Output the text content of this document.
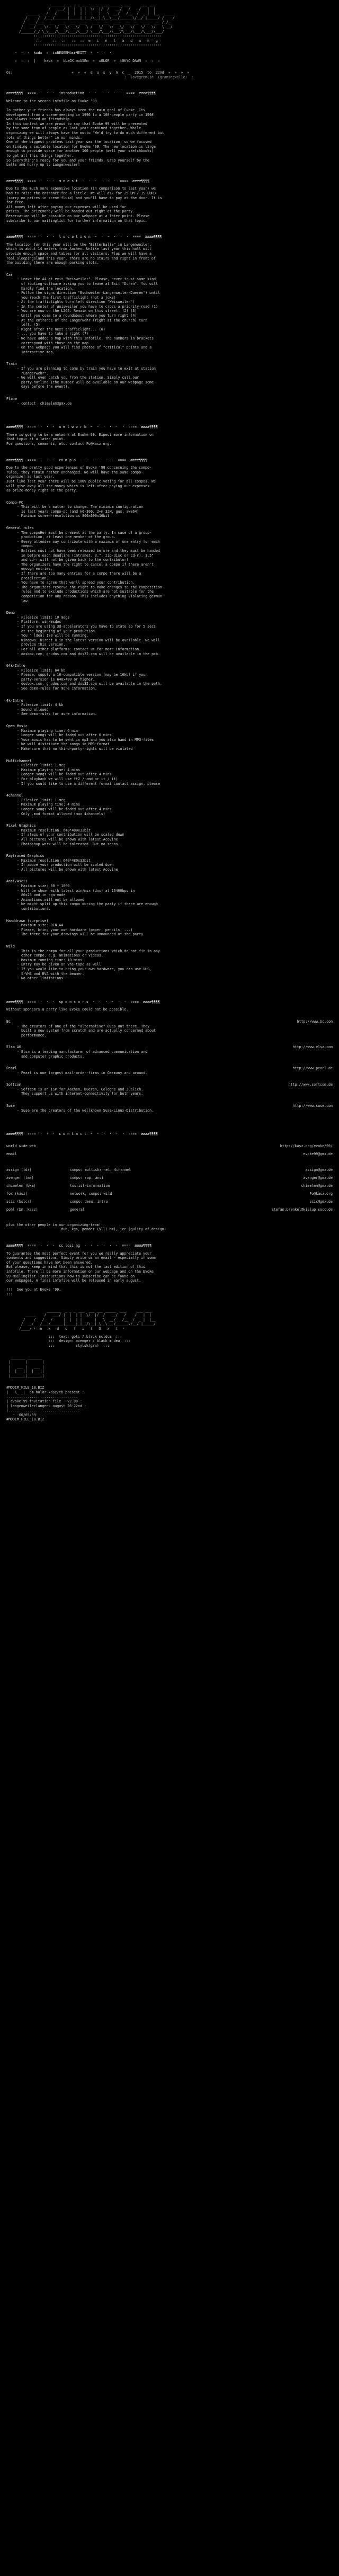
_______  _ _ _ ___  ___ ___ _____  ___     ___ ___
/   ___/ |  |  | |  \/  |/  /   __/   /    /   |  |
______   /   /     |  |  | |      |   \  __/   /__  /  _ |  |__  _____
/     /  /___/______|_____|_|__/\__|_\__\___/______\/__/ |_____/ /    /
/  ___/___  ___  ___  ___  ___   ___  ___  ___  ___ ___  ___  ___ / /__
/   __/  _ \/   \/   \/  _\/   \ /   \/   \/  _\/   \/   \/   \/   \ __/
/______/_/ \_\___/\___/\___/\___/ \___/\___/\___/\___/\___/\___/\___/
:::::::::::::::::::::::::::::::::::::::::::::::::::::::::::::
::      ::  ::   ::  ::  e   i   n   l   a   d   u   n   g
:::::::::::::::::::::::::::::::::::::::::::::::::::::::::::::
·  ·  ·  kxdx  »  ixBEGEEMüsrMEITT  ·  ·  ·  ·
:  :  :  |    kxdx  »  bLaCK moUSEm  »  xOLOR  »  tOKYO DAWN  :  :  :
Os:                            «  «  «  e  u  s  y  n  c  _  2015  to  22nd  »  »  »  »
:  lovegremlin  (gramingwelle)  :
ææææ¶¶¶¶  ¤¤¤¤  ·  ·  ·  introduction  ·  ·  ·  ·  ·  ·  ¤¤¤¤  ææææ¶¶¶¶
Welcome to the second infofile on Evoke '99.

To gather your friends has always been the main goal of Evoke. Its
development from a scene-meeting in 1996 to a 100-people party in 1998
was always based on friendship.
In this context we are proud to say that Evoke 99 will be presented
by the same team of people as last year combined together. While
organizing we will always have the motto "We'd try to do much different but
lots of things better" in our minds.
One of the biggest problems last year was the location, so we focused
on finding a suitable location for Evoke '99. The new location is large
enough to provide space for another 100 people (well your sketchbooks)
to get all this things together.
So everything's ready for you and your friends. Grab yourself by the
balls and hurry up to Langenweiler!
ææææ¶¶¶¶  ¤¤¤¤  ·  ·  ·  m o e s t  ·  ·  ·  ·  ·  ·  ¤¤¤¤  ææææ¶¶¶¶
Due to the much more expensive location (in comparison to last year) we
had to raise the entrance fee a little. We will ask for 25 DM / 15 EURO
(sorry no prices in scene-fluid) and you'll have to pay at the door. It is
for free.
All money left after paying our expenses will be used for
prizes. The prizemoney will be handed out right at the party.
Reservation will be possible on our webpage at a later point. Please
subscribe to our mailinglist for further information on that topic.
ææææ¶¶¶¶  ¤¤¤¤  ·  ·  ·  l o c a t i o n  ·  ·  ·  ·  ·  ·  ¤¤¤¤  ææææ¶¶¶¶
The location for this year will be the "Bitterhalle" in Langenweiler,
which is about 14 meters from Aachen. Unlike last year this hall will
provide enough space and tables for all visitors. Plus we will have a
real sleepingsland this year. There are no stairs and right in front of
the building there are enough parking slots.
Car
- Leave the A4 at exit "Weisweiler". Please, never trust some kind
of routing-software asking you to leave at Exit "Düren". You will
hardly find the location.
- Follow the signs direction "Eschweiler-Langenweiler-Dueren") until
you reach the first trafficlight (not a joke)
- At the trafficlights turn left direction "Weisweiler")
- In the center of Weisweiler you have to cross a priority-road (1)
- You are now on the L264. Remain on this street. (2) (3)
- Until you come to a roundabout where you turn right (4)
- At the entrance of the Langerwehr (right at the church) turn
left. (5)
- Right after the next trafficlight... (6)
- ... you have to take a right (7)
- We have added a map with this infofile. The numbers in brackets
correspond with those on the map.
- On the webpage you will find photos of "critical" points and a
interactive map.
Train
- If you are planning to come by train you have to exit at station
"Langerwehr".
- We will even catch you from the station. Simply call our
party-hotline (the number will be available on our webpage some
days before the event).
Plane
- contact  chimelem@gmx.de
ææææ¶¶¶¶  ¤¤¤¤  ·  ·  ·  n e t w o r k  ·  ·  ·  ·  ·  ·  ¤¤¤¤  ææææ¶¶¶¶
There is going to be a network at Evoke 99. Expect more information on
that topic at a later point.
For questions, comments, etc. contact Fo@kasz.org.
ææææ¶¶¶¶  ¤¤¤¤  ·  ·  ·  co m p o  ·  ·  ·  ·  ·  ·  ¤¤¤¤  ææææ¶¶¶¶
Due to the pretty good experiences of Evoke '98 concerning the compo-
rules, they remain rather unchanged. We will have the same compo-
organizer as last year.
Just like last year there will be 100% public voting for all compos. We
will give away all the money which is left after paying our expenses
as prize-money right at the party.
Compo-PC
- This will be a matter to change. The minimum configuration
is last years compo-pc (amd k6-300, 2+m 32M, gus, awe64)
- Minimum screen-resolution is 800x600x16bit
General rules
- The compoHer must be present at the party. In case of a group-
production, at least one member of the group.
- Every attendee may contribute with a maximum of one entry for each
compo.
- Entries must not have been released before and they must be handed
in before each deadline (intranet, 3.", zip-disc or cd-r). 3.5"
and cd-r will not be given back to the contributor!
- The organizers have the right to cancel a compo if there aren't
enough entries.
- If there are too many entries for a compo there will be a
preselection.
- You have to agree that we'll spread your contribution.
- The organizers reserve the right to make changes to the competition
rules and to exclude productions which are not suitable for the
competition for any reason. This includes anything violating german
law.
Demo
- Filesize limit: 10 megs
- Platform: win/msdos
- If you are using 3d-accelerators you have to state so for 5 secs
at the beginning of your production.
- You ' ldeal 100 will be running.
- Windows: Direct X in the latest version will be available. we will
provide this version.
- For all other platforms: contact us for more information.
- dosbox.com, gnudos.com and dos32.com will be available in the pcb.
64k-Intro
- Filesize limit: 64 kb
- Please, supply a 16-compatible version (may be 16kb) if your
party-version is 640x480 or higher.
- dosbox.com, gnudos.com and dos32.com will be available in the path.
- See demo-rules for more information.
4k-Intro
- Filesize limit: 4 kb
- Sound allowed
- See demo-rules for more information.
Open Music
- Maximum playing time: 6 min
- Longer songs will be faded out after 6 mins
- Your music has to be sent in mp3 and you also hand in MP3-files
- We will distribute the songs in MP3-format
- Make sure that no third-party-rights will be violated
Multichannel
- Filesize limit: 1 meg
- Maximum playing time: 4 mins
- Longer songs will be faded out after 4 mins
- For playback we will use ft2 / cmd or it / it)
- If you would like to use a different format contact assign, please
4Channel
- Filesize limit: 1 meg
- Maximum playing time: 4 mins
- Longer songs will be faded out after 4 mins
- Only .mod format allowed (max 4channels)
Pixel Graphics
- Maximum resolution: 640*480x32bit
- If steps of your contribution will be scaled down
- All pictures will be shown with latest Acovine
- Photoshop work will be tolerated. But no scans.
Raytraced Graphics
- Maximum resolution: 640*480x32bit
- If above your production will be scaled down
- All pictures will be shown with latest Acovine
Ansi/Ascii
- Maximum size: 80 * 1000
- Will be shown with latest win/msx (dos) at 16400bps in
80x25 and in cga-mode
- Animations will not be allowed
- We might split up this compo during the party if there are enough
contributions.
Handdrawn (surprise)
- Maximum size: DIN A4
- Please, bring your own hardware (paper, pencils, ...)
- The theme for your drawings will be announced at the party
Wild
- This is the compo for all your productions which do not fit in any
other compo. e.g. animations or videos.
- Maximum running time: 10 mins
- Entry may be given on vhs-tape as well
- If you would like to bring your own hardware, you can use VHS,
S-VHS and BVA with the beamer.
- No other limitations
ææææ¶¶¶¶  ¤¤¤¤  ·  ·  ·  sp o n s o r s  ·  ·  ·  ·  ·  ·  ¤¤¤¤  ææææ¶¶¶¶
Without sponsors a party like Evoke could not be possible.
Bc	http://www.bc.com
- The creators of one of the "alternative" OSes out there. They
built a new system from scratch and are actually concerned about
performance.
Elsa AG	http://www.elsa.com
- Elsa is a leading manufacturer of advanced communication and
and computer graphic products.
Pearl	http://www.pearl.de
- Pearl is one largest mail-order-firms in Germany and around.
Softcom	http://www.softcom.de
- Softcom is an ISP for Aachen, Dueren, Cologne and Juelich.
They support us with internet-connectivity for both years.
Suse	http://www.suse.com
- Suse are the creators of the wellknown Suse-Linux-Distribution.
ææææ¶¶¶¶  ¤¤¤¤  ·  ·  ·  c o n t a c t  ·  ·  ·  ·  ·  ·  ¤¤¤¤  ææææ¶¶¶¶
world wide web	http://kasz.org/evoke/99/
email	evoke99@gmx.de
assign (tdr)	compo: multichannel, 4channel	assign@gmx.de
avenger (tmr)	compo: rap, ansi	avenger@gmx.de
chimelem (bkm)	tourist-information	chimelem@gmx.de
fox (kasz)	network, compo: wild	Fo@kasz.org
scic (bslcr)	compo: demo, intro	scic@gmx.de
pohl (bm, kasz)	general	stefan.brenkel@kislup.soco.de
plus the other people in our organizing-team!
dub, kgs, pender (sll) bm), jer (gulity of design)
ææææ¶¶¶¶  ¤¤¤¤  ·  ·  ·  cc losi ng  ·  ·  ·  ·  ·  ·  ¤¤¤¤  ææææ¶¶¶¶
To guarantee the most perfect event for you we really appreciate your
comments and suggestions. Simply write us an email - especially if some
of your questions have not been answered.
But please, keep in mind that this is not the last edition of this
infofile. There'll be more information on our webpage and on the Evoke
99-Mailinglist (instructions how to subscribe can be found on
our webpage). A final infofile will be released in early august.

!!!  See you at Evoke '99.
!!!
_______  _ _ _ ___  ___ ___ _____  ___     ___ ___
_____    /   ___/ |  |  | |  \/  |/  /   __/   /    /   |  |
/    /   /   /     |  |  | |      |   \  __/   /__  /  _ |  |__
/  __/   /___/______|_____|_|__/\__|_\__\___/______\/__/ |_____/
/____/ ·  e   x   d   o   f   i   l   3   x   t  ·
:::  text: goti / black mcldcm  :::
:::  design: avenger / black m dea  :::
:::          stylsk(gra)  :::
_______ _______
|       |       |
|   ___ |   ___ |
|  |___||  |___||
|_______|_______|
#MOOIM_FILE_18.BIZ
|   \_ _|  bm-hulor-kasz/tb present :
..................................
| evoke 99 invitation file  ·v2.00 :
| langenweilerlangen» august 28-22nd :
|.................................:
~ -06/05/99-
#MOOIM_FILE_18.BIZ
